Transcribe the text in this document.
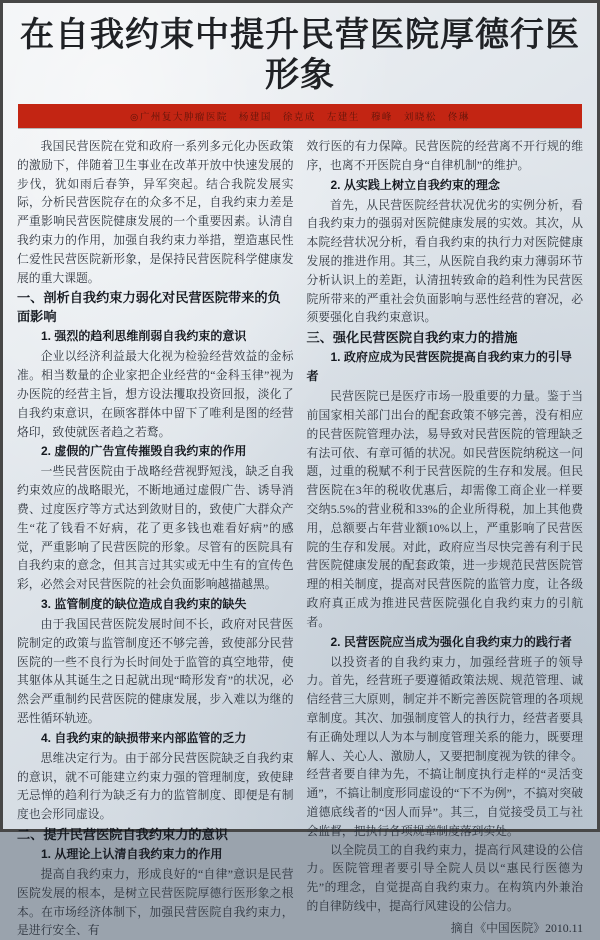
在自我约束中提升民营医院厚德行医形象
◎广州复大肿瘤医院　杨建国　徐克成　左建生　穆峰　刘晓松　佟琳

我国民营医院在党和政府一系列多元化办医政策的激励下，伴随着卫生事业在改革开放中快速发展的步伐，犹如雨后春笋，异军突起。结合我院发展实际，分析民营医院存在的众多不足，自我约束力差是严重影响民营医院健康发展的一个重要因素。认清自我约束力的作用，加强自我约束力举措，塑造惠民性仁爱性民营医院新形象，是保持民营医院科学健康发展的重大课题。

一、剖析自我约束力弱化对民营医院带来的负面影响
1. 强烈的趋利思维削弱自我约束的意识

企业以经济利益最大化视为检验经营效益的金标准。相当数量的企业家把企业经营的“金科玉律”视为办医院的经营主旨，想方设法攫取投资回报，淡化了自我约束意识，在顾客群体中留下了唯利是图的经营烙印，致使就医者趋之若鹜。

2. 虚假的广告宣传摧毁自我约束的作用

一些民营医院由于战略经营视野短浅，缺乏自我约束效应的战略眼光，不断地通过虚假广告、诱导消费、过度医疗等方式达到敛财目的，致使广大群众产生“花了钱看不好病，花了更多钱也难看好病”的感觉，严重影响了民营医院的形象。尽管有的医院具有自我约束的意念，但其言过其实或无中生有的宣传色彩，必然会对民营医院的社会负面影响越描越黑。

3. 监管制度的缺位造成自我约束的缺失

由于我国民营医院发展时间不长，政府对民营医院制定的政策与监管制度还不够完善，致使部分民营医院的一些不良行为长时间处于监管的真空地带，使其躯体从其诞生之日起就出现“畸形发育”的状况，必然会严重制约民营医院的健康发展，步入难以为继的恶性循环轨迹。

4. 自我约束的缺损带来内部监管的乏力

思维决定行为。由于部分民营医院缺乏自我约束的意识，就不可能建立约束力强的管理制度，致使肆无忌惮的趋利行为缺乏有力的监管制度、即便是有制度也会形同虚设。

二、提升民营医院自我约束力的意识
1. 从理论上认清自我约束力的作用

提高自我约束力，形成良好的“自律”意识是民营医院发展的根本，是树立民营医院厚德行医形象之根本。在市场经济体制下，加强民营医院自我约束力，是进行安全、有

效行医的有力保障。民营医院的经营离不开行规的维序，也离不开医院自身“自律机制”的维护。

2. 从实践上树立自我约束的理念

首先，从民营医院经营状况优劣的实例分析，看自我约束力的强弱对医院健康发展的实效。其次，从本院经营状况分析，看自我约束的执行力对医院健康发展的推进作用。其三，从医院自我约束力薄弱环节分析认识上的差距，认清扭转致命的趋利性为民营医院所带来的严重社会负面影响与恶性经营的窘况，必须要强化自我约束意识。

三、强化民营医院自我约束力的措施
1. 政府应成为民营医院提高自我约束力的引导者

民营医院已是医疗市场一股重要的力量。鉴于当前国家相关部门出台的配套政策不够完善，没有相应的民营医院管理办法，易导致对民营医院的管理缺乏有法可依、有章可循的状况。如民营医院纳税这一问题，过重的税赋不利于民营医院的生存和发展。但民营医院在3年的税收优惠后，却需像工商企业一样要交纳5.5%的营业税和33%的企业所得税，加上其他费用，总额要占年营业额10%以上，严重影响了民营医院的生存和发展。对此，政府应当尽快完善有利于民营医院健康发展的配套政策，进一步规范民营医院管理的相关制度，提高对民营医院的监管力度，让各级政府真正成为推进民营医院强化自我约束力的引航者。

2. 民营医院应当成为强化自我约束力的践行者

以投资者的自我约束力，加强经营班子的领导力。首先，经营班子要遵循政策法规、规范管理、诚信经营三大原则，制定并不断完善医院管理的各项规章制度。其次、加强制度管人的执行力，经营者要具有正确处理以人为本与制度管理关系的能力，既要理解人、关心人、激励人，又要把制度视为铁的律令。经营者要自律为先，不搞让制度执行走样的“灵活变通”，不搞让制度形同虚设的“下不为例”，不搞对突破道德底线者的“因人而异”。其三，自觉接受员工与社会监督，把执行各项规章制度落到实处。

以全院员工的自我约束力，提高行风建设的公信力。医院管理者要引导全院人员以“惠民行医德为先”的理念，自觉提高自我约束力。在构筑内外兼治的自律防线中，提高行风建设的公信力。

摘自《中国医院》2010.11
